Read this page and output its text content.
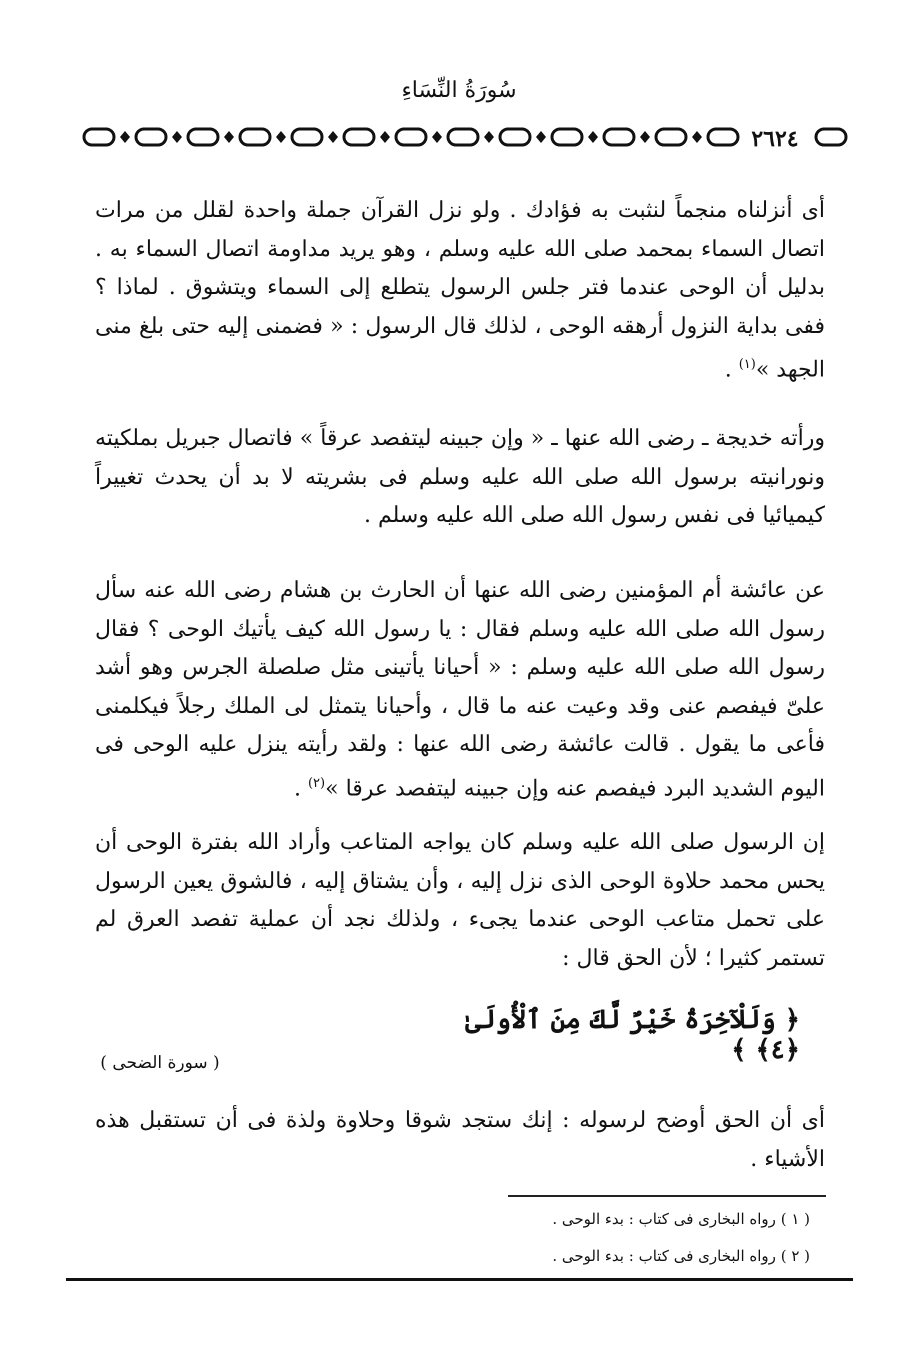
سُورَةُ النِّسَاءِ
٢٦٢٤

أى أنزلناه منجماً لنثبت به فؤادك . ولو نزل القرآن جملة واحدة لقلل من مرات اتصال السماء بمحمد صلى الله عليه وسلم ، وهو يريد مداومة اتصال السماء به . بدليل أن الوحى عندما فتر جلس الرسول يتطلع إلى السماء ويتشوق . لماذا ؟ ففى بداية النزول أرهقه الوحى ، لذلك قال الرسول : « فضمنى إليه حتى بلغ منى الجهد »$^{(١)}$ .

ورأته خديجة ـ رضى الله عنها ـ « وإن جبينه ليتفصد عرقاً » فاتصال جبريل بملكيته ونورانيته برسول الله صلى الله عليه وسلم فى بشريته لا بد أن يحدث تغييراً كيميائيا فى نفس رسول الله صلى الله عليه وسلم .

عن عائشة أم المؤمنين رضى الله عنها أن الحارث بن هشام رضى الله عنه سأل رسول الله صلى الله عليه وسلم فقال : يا رسول الله كيف يأتيك الوحى ؟ فقال رسول الله صلى الله عليه وسلم : « أحيانا يأتينى مثل صلصلة الجرس وهو أشد علىّ فيفصم عنى وقد وعيت عنه ما قال ، وأحيانا يتمثل لى الملك رجلاً فيكلمنى فأعى ما يقول . قالت عائشة رضى الله عنها : ولقد رأيته ينزل عليه الوحى فى اليوم الشديد البرد فيفصم عنه وإن جبينه ليتفصد عرقا »$^{(٢)}$ .

إن الرسول صلى الله عليه وسلم كان يواجه المتاعب وأراد الله بفترة الوحى أن يحس محمد حلاوة الوحى الذى نزل إليه ، وأن يشتاق إليه ، فالشوق يعين الرسول على تحمل متاعب الوحى عندما يجىء ، ولذلك نجد أن عملية تفصد العرق لم تستمر كثيرا ؛ لأن الحق قال :

﴿ وَلَلْآخِرَةُ خَيْرٌ لَّكَ مِنَ ٱلْأُولَىٰ ﴿٤﴾ ﴾
( سورة الضحى )

أى أن الحق أوضح لرسوله : إنك ستجد شوقا وحلاوة ولذة فى أن تستقبل هذه الأشياء .

( ١ ) رواه البخارى فى كتاب : بدء الوحى .
( ٢ ) رواه البخارى فى كتاب : بدء الوحى .
